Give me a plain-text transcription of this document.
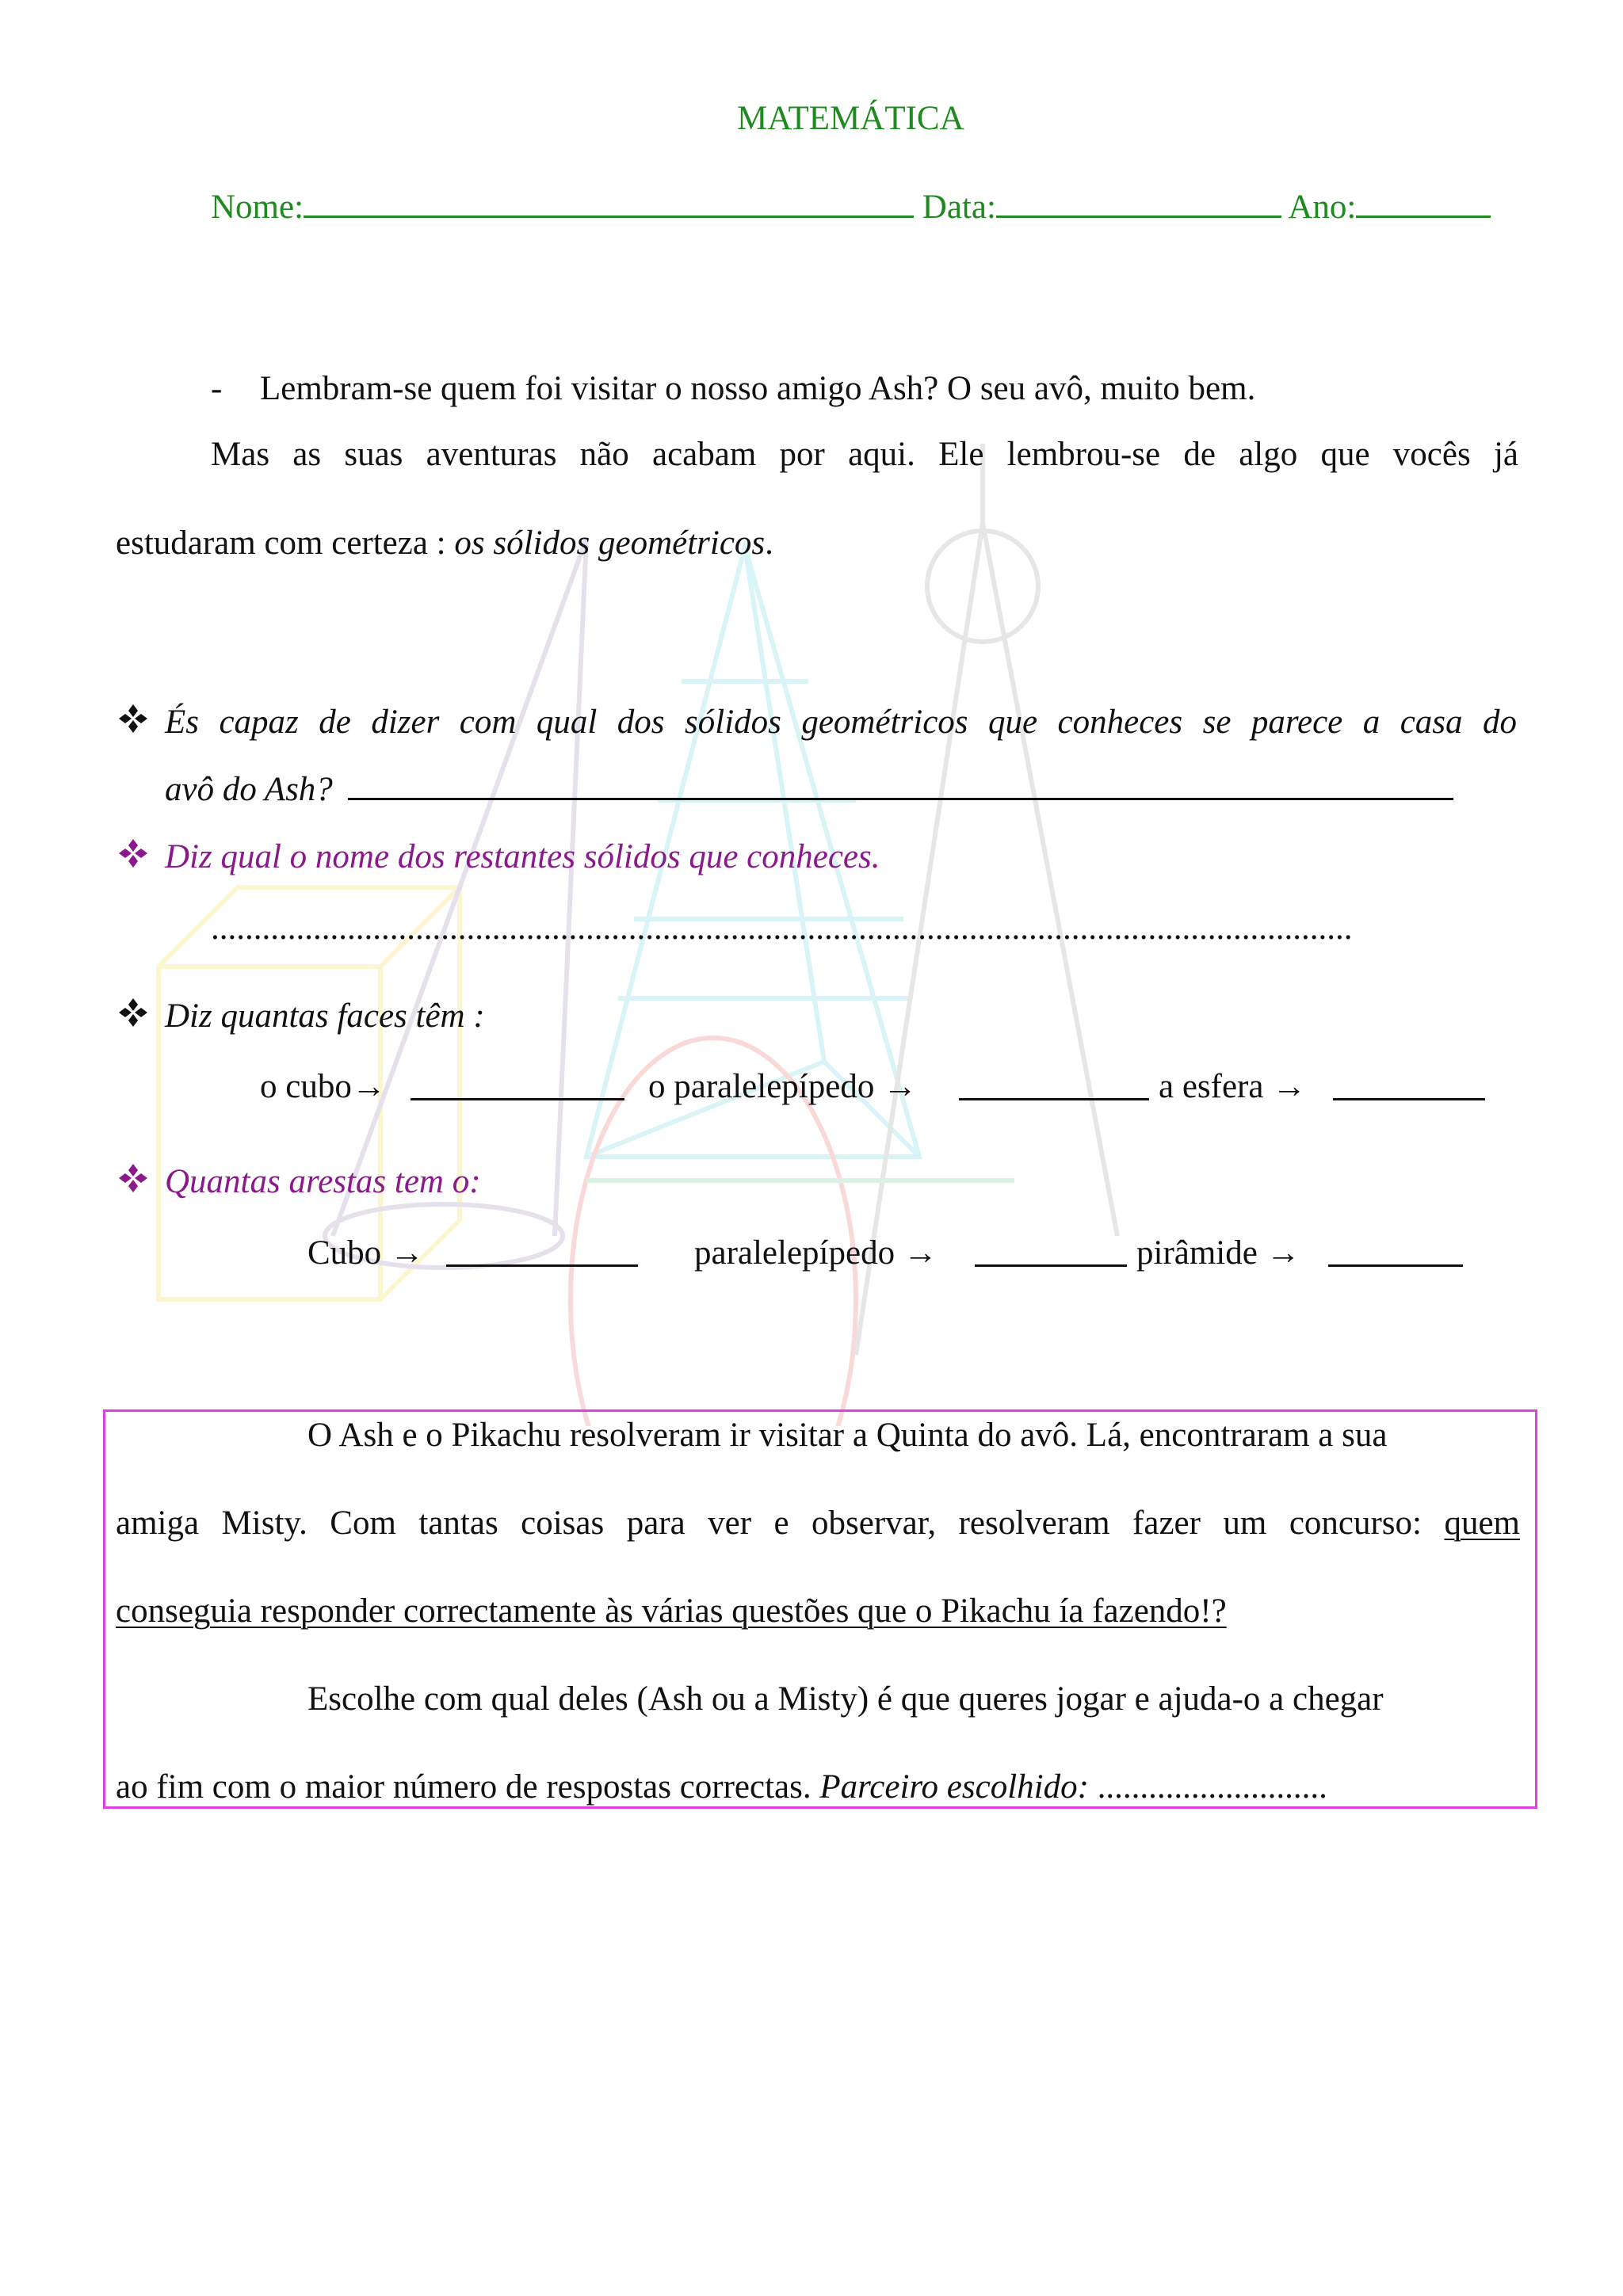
MATEMÁTICA
Nome:	Data:	Ano:
- Lembram-se quem foi visitar o nosso amigo Ash? O seu avô, muito bem.
Mas as suas aventuras não acabam por aqui. Ele lembrou-se de algo que vocês já
estudaram com certeza : os sólidos geométricos.
És capaz de dizer com qual dos sólidos geométricos que conheces se parece a casa do
avô do Ash?
Diz qual o nome dos restantes sólidos que conheces.
......................................................................................................................................
Diz quantas faces têm :
o cubo→	o paralelepípedo →	a esfera →
Quantas arestas tem o:
Cubo →	paralelepípedo →	pirâmide →
O Ash e o Pikachu resolveram ir visitar a Quinta do avô. Lá, encontraram a sua
amiga Misty. Com tantas coisas para ver e observar, resolveram fazer um concurso: quem
conseguia responder correctamente às várias questões que o Pikachu ía fazendo!?
Escolhe com qual deles (Ash ou a Misty) é que queres jogar e ajuda-o a chegar
ao fim com o maior número de respostas correctas. Parceiro escolhido: ...........................
